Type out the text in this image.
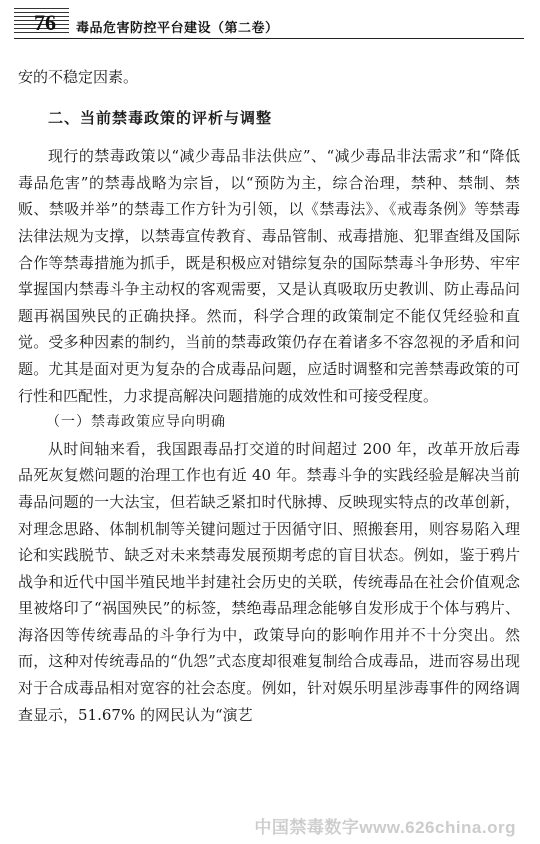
76 毒品危害防控平台建设（第二卷）

安的不稳定因素。

二、当前禁毒政策的评析与调整

现行的禁毒政策以“减少毒品非法供应”、“减少毒品非法需求”和“降低毒品危害”的禁毒战略为宗旨，以“预防为主，综合治理，禁种、禁制、禁贩、禁吸并举”的禁毒工作方针为引领，以《禁毒法》、《戒毒条例》等禁毒法律法规为支撑，以禁毒宣传教育、毒品管制、戒毒措施、犯罪查缉及国际合作等禁毒措施为抓手，既是积极应对错综复杂的国际禁毒斗争形势、牢牢掌握国内禁毒斗争主动权的客观需要，又是认真吸取历史教训、防止毒品问题再祸国殃民的正确抉择。然而，科学合理的政策制定不能仅凭经验和直觉。受多种因素的制约，当前的禁毒政策仍存在着诸多不容忽视的矛盾和问题。尤其是面对更为复杂的合成毒品问题，应适时调整和完善禁毒政策的可行性和匹配性，力求提高解决问题措施的成效性和可接受程度。

（一）禁毒政策应导向明确

从时间轴来看，我国跟毒品打交道的时间超过 200 年，改革开放后毒品死灰复燃问题的治理工作也有近 40 年。禁毒斗争的实践经验是解决当前毒品问题的一大法宝，但若缺乏紧扣时代脉搏、反映现实特点的改革创新，对理念思路、体制机制等关键问题过于因循守旧、照搬套用，则容易陷入理论和实践脱节、缺乏对未来禁毒发展预期考虑的盲目状态。例如，鉴于鸦片战争和近代中国半殖民地半封建社会历史的关联，传统毒品在社会价值观念里被烙印了“祸国殃民”的标签，禁绝毒品理念能够自发形成于个体与鸦片、海洛因等传统毒品的斗争行为中，政策导向的影响作用并不十分突出。然而，这种对传统毒品的“仇怨”式态度却很难复制给合成毒品，进而容易出现对于合成毒品相对宽容的社会态度。例如，针对娱乐明星涉毒事件的网络调查显示，51.67% 的网民认为“演艺

中国禁毒数字www.626china.org
